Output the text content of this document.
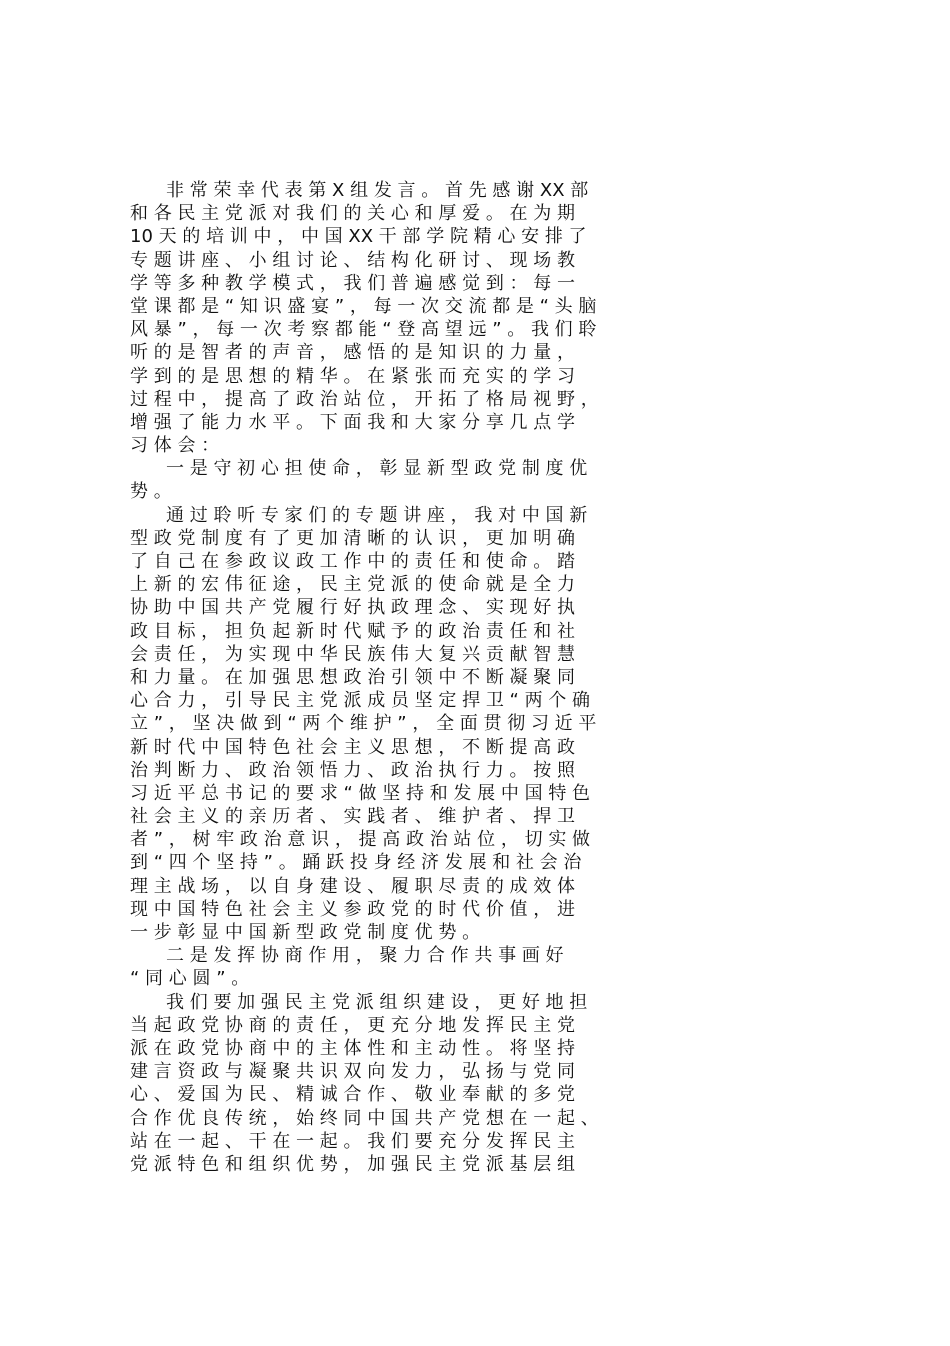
　　非 常 荣 幸 代 表 第 X 组 发 言 。 首 先 感 谢 XX 部
和 各 民 主 党 派 对 我 们 的 关 心 和 厚 爱 。 在 为 期
10 天 的 培 训 中 ， 中 国 XX 干 部 学 院 精 心 安 排 了
专 题 讲 座 、 小 组 讨 论 、 结 构 化 研 讨 、 现 场 教
学 等 多 种 教 学 模 式 ， 我 们 普 遍 感 觉 到 ： 每 一
堂 课 都 是 “ 知 识 盛 宴 ” ， 每 一 次 交 流 都 是 “ 头 脑
风 暴 ” ， 每 一 次 考 察 都 能 “ 登 高 望 远 ” 。 我 们 聆
听 的 是 智 者 的 声 音 ， 感 悟 的 是 知 识 的 力 量 ，
学 到 的 是 思 想 的 精 华 。 在 紧 张 而 充 实 的 学 习
过 程 中 ， 提 高 了 政 治 站 位 ， 开 拓 了 格 局 视 野 ，
增 强 了 能 力 水 平 。 下 面 我 和 大 家 分 享 几 点 学
习 体 会 ：
　　一 是 守 初 心 担 使 命 ， 彰 显 新 型 政 党 制 度 优
势 。
　　通 过 聆 听 专 家 们 的 专 题 讲 座 ， 我 对 中 国 新
型 政 党 制 度 有 了 更 加 清 晰 的 认 识 ， 更 加 明 确
了 自 己 在 参 政 议 政 工 作 中 的 责 任 和 使 命 。 踏
上 新 的 宏 伟 征 途 ， 民 主 党 派 的 使 命 就 是 全 力
协 助 中 国 共 产 党 履 行 好 执 政 理 念 、 实 现 好 执
政 目 标 ， 担 负 起 新 时 代 赋 予 的 政 治 责 任 和 社
会 责 任 ， 为 实 现 中 华 民 族 伟 大 复 兴 贡 献 智 慧
和 力 量 。 在 加 强 思 想 政 治 引 领 中 不 断 凝 聚 同
心 合 力 ， 引 导 民 主 党 派 成 员 坚 定 捍 卫 “ 两 个 确
立 ” ， 坚 决 做 到 “ 两 个 维 护 ” ， 全 面 贯 彻 习 近 平
新 时 代 中 国 特 色 社 会 主 义 思 想 ， 不 断 提 高 政
治 判 断 力 、 政 治 领 悟 力 、 政 治 执 行 力 。 按 照
习 近 平 总 书 记 的 要 求 “ 做 坚 持 和 发 展 中 国 特 色
社 会 主 义 的 亲 历 者 、 实 践 者 、 维 护 者 、 捍 卫
者 ” ， 树 牢 政 治 意 识 ， 提 高 政 治 站 位 ， 切 实 做
到 “ 四 个 坚 持 ” 。 踊 跃 投 身 经 济 发 展 和 社 会 治
理 主 战 场 ， 以 自 身 建 设 、 履 职 尽 责 的 成 效 体
现 中 国 特 色 社 会 主 义 参 政 党 的 时 代 价 值 ， 进
一 步 彰 显 中 国 新 型 政 党 制 度 优 势 。
　　二 是 发 挥 协 商 作 用 ， 聚 力 合 作 共 事 画 好
“ 同 心 圆 ” 。
　　我 们 要 加 强 民 主 党 派 组 织 建 设 ， 更 好 地 担
当 起 政 党 协 商 的 责 任 ， 更 充 分 地 发 挥 民 主 党
派 在 政 党 协 商 中 的 主 体 性 和 主 动 性 。 将 坚 持
建 言 资 政 与 凝 聚 共 识 双 向 发 力 ， 弘 扬 与 党 同
心 、 爱 国 为 民 、 精 诚 合 作 、 敬 业 奉 献 的 多 党
合 作 优 良 传 统 ， 始 终 同 中 国 共 产 党 想 在 一 起 、
站 在 一 起 、 干 在 一 起 。 我 们 要 充 分 发 挥 民 主
党 派 特 色 和 组 织 优 势 ， 加 强 民 主 党 派 基 层 组
